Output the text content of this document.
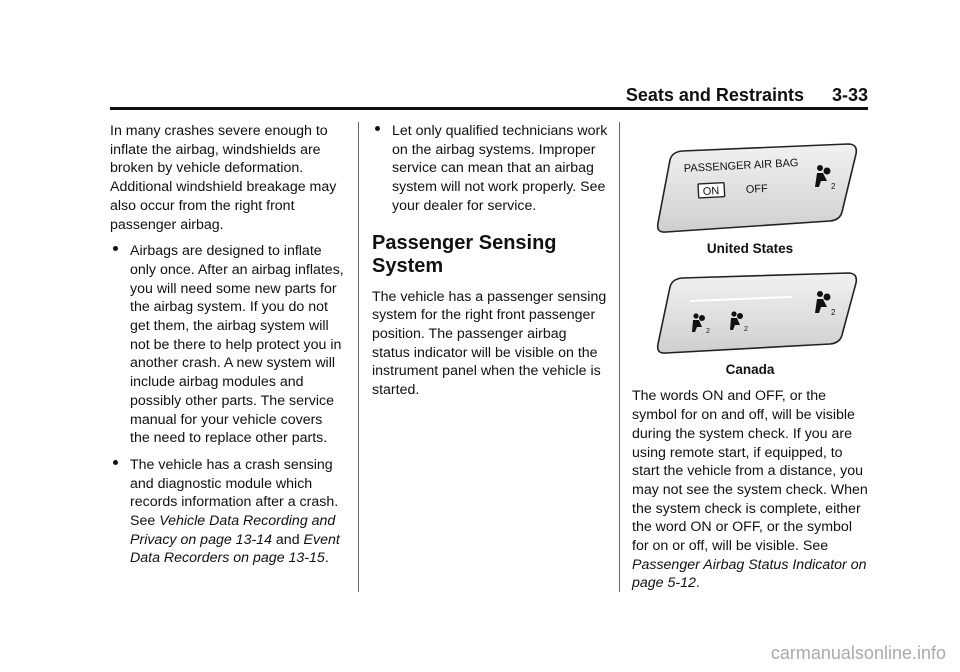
Seats and Restraints 3-33

In many crashes severe enough to inflate the airbag, windshields are broken by vehicle deformation. Additional windshield breakage may also occur from the right front passenger airbag.

Airbags are designed to inflate only once. After an airbag inflates, you will need some new parts for the airbag system. If you do not get them, the airbag system will not be there to help protect you in another crash. A new system will include airbag modules and possibly other parts. The service manual for your vehicle covers the need to replace other parts.
The vehicle has a crash sensing and diagnostic module which records information after a crash. See Vehicle Data Recording and Privacy on page 13-14 and Event Data Recorders on page 13-15.
Let only qualified technicians work on the airbag systems. Improper service can mean that an airbag system will not work properly. See your dealer for service.
Passenger Sensing System

The vehicle has a passenger sensing system for the right front passenger position. The passenger airbag status indicator will be visible on the instrument panel when the vehicle is started.

PASSENGER AIR BAG
ON OFF	2
United States
2	2
2
Canada

The words ON and OFF, or the symbol for on and off, will be visible during the system check. If you are using remote start, if equipped, to start the vehicle from a distance, you may not see the system check. When the system check is complete, either the word ON or OFF, or the symbol for on or off, will be visible. See Passenger Airbag Status Indicator on page 5-12.

carmanualsonline.info
